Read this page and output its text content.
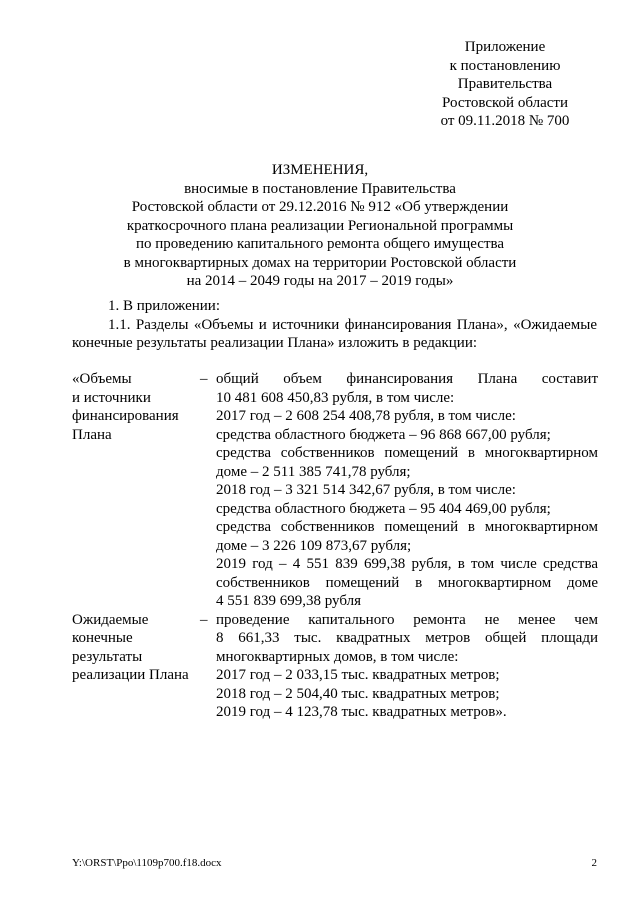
Приложение
к постановлению
Правительства
Ростовской области
от 09.11.2018 № 700
ИЗМЕНЕНИЯ,
вносимые в постановление Правительства
Ростовской области от 29.12.2016 № 912 «Об утверждении
краткосрочного плана реализации Региональной программы
по проведению капитального ремонта общего имущества
в многоквартирных домах на территории Ростовской области
на 2014 – 2049 годы на 2017 – 2019 годы»
1. В приложении:
1.1. Разделы «Объемы и источники финансирования Плана», «Ожидаемые конечные результаты реализации Плана» изложить в редакции:
«Объемы
и источники
финансирования
Плана
– общий объем финансирования Плана составит
10 481 608 450,83 рубля, в том числе:
2017 год – 2 608 254 408,78 рубля, в том числе:
средства областного бюджета – 96 868 667,00 рубля;
средства собственников помещений в многоквартирном
доме – 2 511 385 741,78 рубля;
2018 год – 3 321 514 342,67 рубля, в том числе:
средства областного бюджета – 95 404 469,00 рубля;
средства собственников помещений в многоквартирном
доме – 3 226 109 873,67 рубля;
2019 год – 4 551 839 699,38 рубля, в том числе средства
собственников помещений в многоквартирном доме
4 551 839 699,38 рубля
Ожидаемые
конечные
результаты
реализации Плана
– проведение капитального ремонта не менее чем
8 661,33 тыс. квадратных метров общей площади
многоквартирных домов, в том числе:
2017 год – 2 033,15 тыс. квадратных метров;
2018 год – 2 504,40 тыс. квадратных метров;
2019 год – 4 123,78 тыс. квадратных метров».
Y:\ORST\Ppo\1109p700.f18.docx	2
